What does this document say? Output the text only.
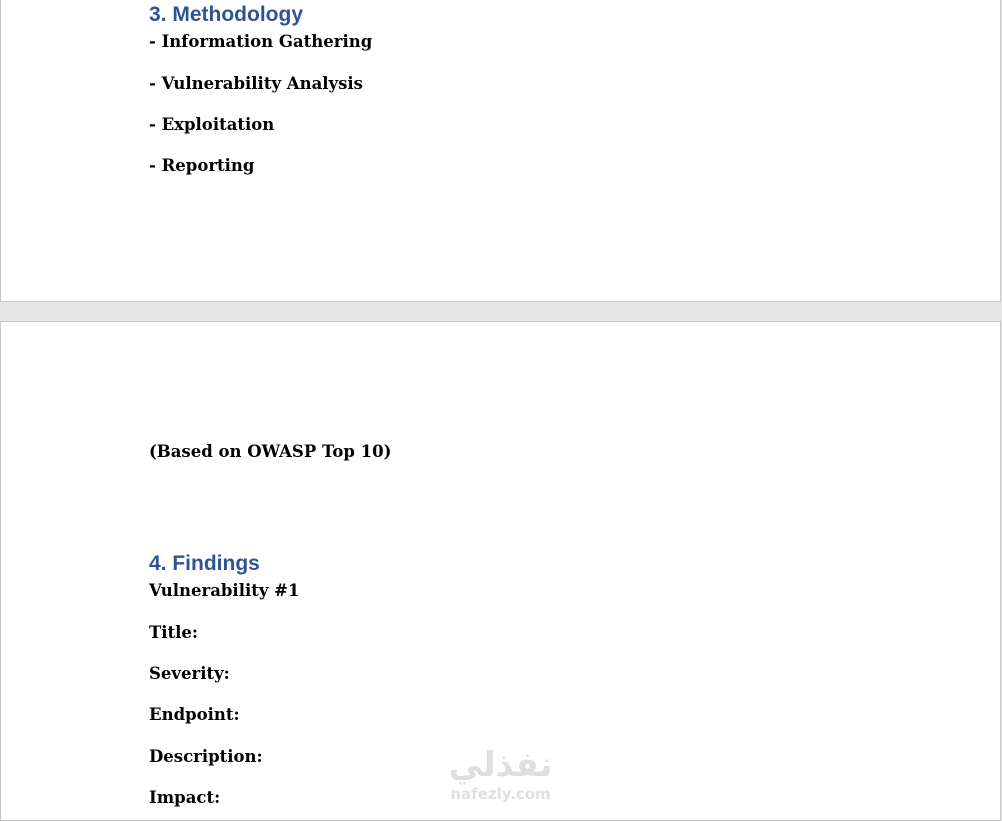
3. Methodology

- Information Gathering

- Vulnerability Analysis

- Exploitation

- Reporting

(Based on OWASP Top 10)

4. Findings

Vulnerability #1

Title:

Severity:

Endpoint:

Description:

Impact:
